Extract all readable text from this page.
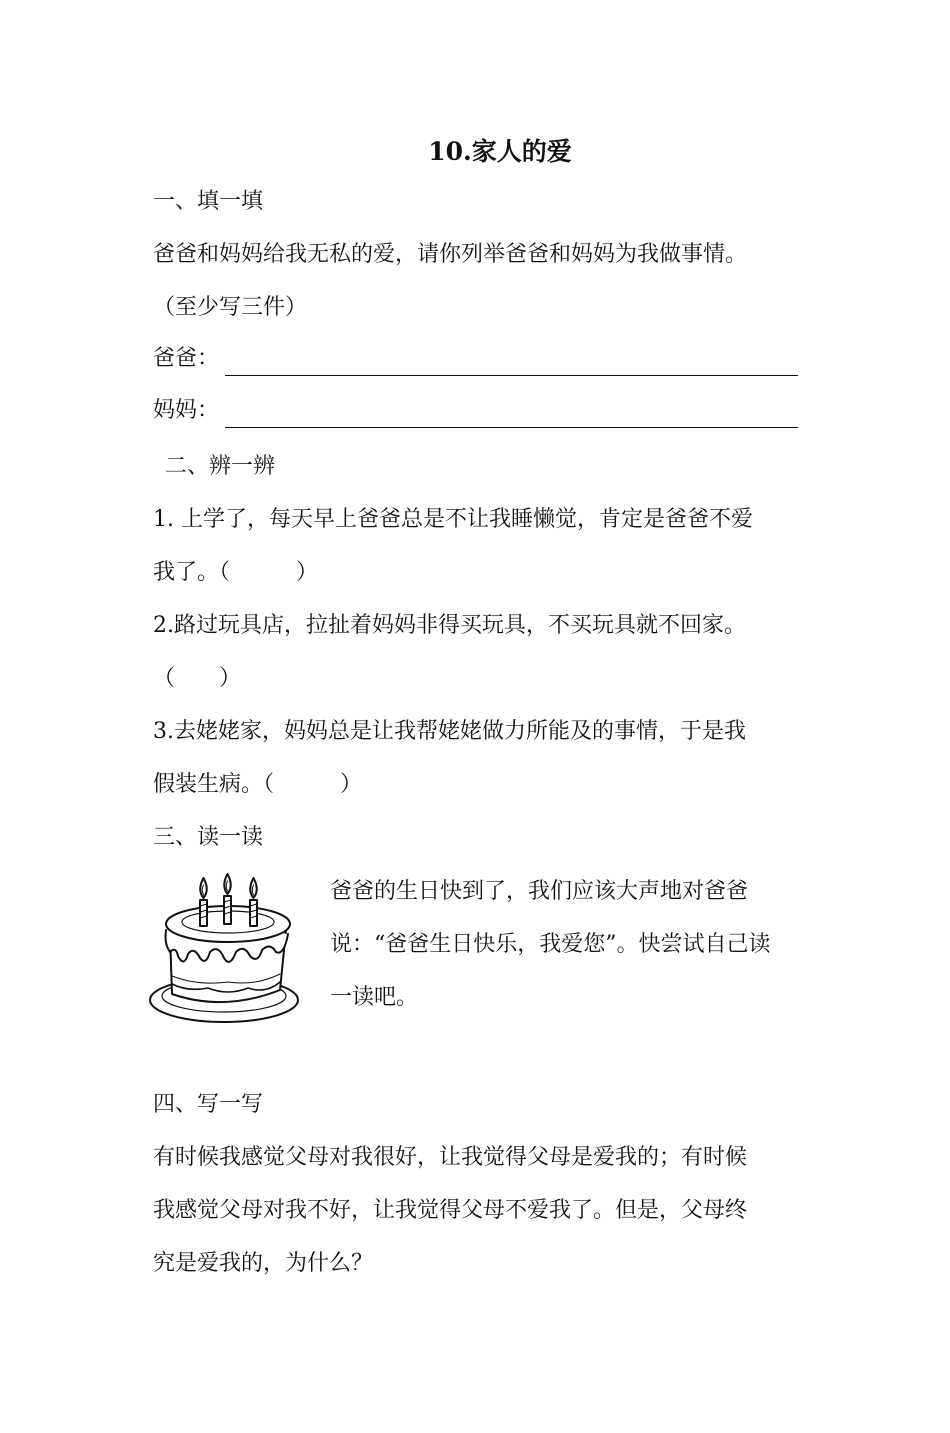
10.家人的爱
一、填一填
爸爸和妈妈给我无私的爱，请你列举爸爸和妈妈为我做事情。
（至少写三件）
爸爸：
妈妈：
二、辨一辨
1. 上学了，每天早上爸爸总是不让我睡懒觉，肯定是爸爸不爱
我了。（　　　）
2.路过玩具店，拉扯着妈妈非得买玩具，不买玩具就不回家。
（　　）
3.去姥姥家，妈妈总是让我帮姥姥做力所能及的事情，于是我
假装生病。（　　　）
三、读一读
爸爸的生日快到了，我们应该大声地对爸爸
说：“爸爸生日快乐，我爱您”。快尝试自己读
一读吧。
四、写一写
有时候我感觉父母对我很好，让我觉得父母是爱我的；有时候
我感觉父母对我不好，让我觉得父母不爱我了。但是，父母终
究是爱我的，为什么？
